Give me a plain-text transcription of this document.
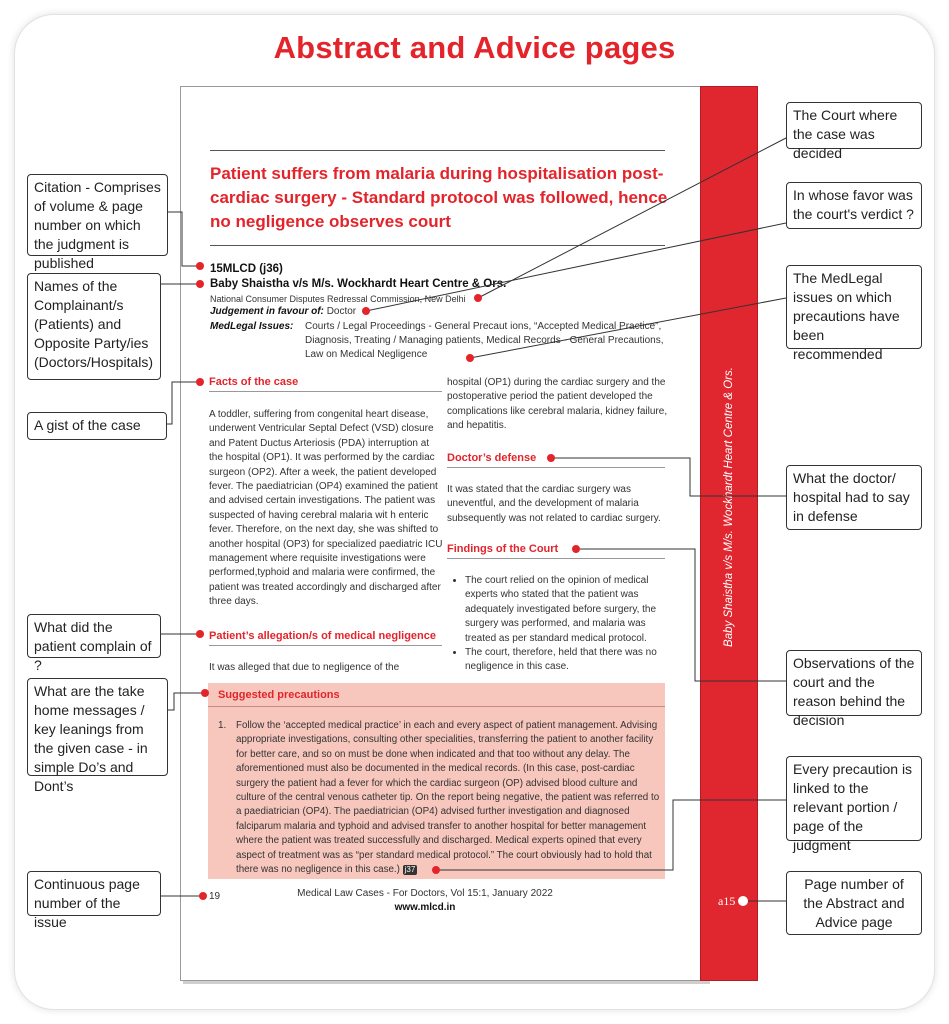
Abstract and Advice pages
Baby Shaistha v/s M/s. Wockhardt Heart Centre & Ors.
Patient suffers from malaria during hospitalisation post-cardiac surgery - Standard protocol was followed, hence no negligence observes court
15MLCD (j36)
Baby Shaistha v/s M/s. Wockhardt Heart Centre & Ors.
National Consumer Disputes Redressal Commission, New Delhi
Judgement in favour of: Doctor
MedLegal Issues: Courts / Legal Proceedings - General Precaut ions, “Accepted Medical Practice”, Diagnosis, Treating / Managing patients, Medical Records - General Precautions, Law on Medical Negligence
Facts of the case
A toddler, suffering from congenital heart disease, underwent Ventricular Septal Defect (VSD) closure and Patent Ductus Arteriosis (PDA) interruption at the hospital (OP1). It was performed by the cardiac surgeon (OP2). After a week, the patient developed fever. The paediatrician (OP4) examined the patient and advised certain investigations. The patient was suspected of having cerebral malaria wit h enteric fever. Therefore, on the next day, she was shifted to another hospital (OP3) for specialized paediatric ICU management where requisite investigations were performed,typhoid and malaria were confirmed, the patient was treated accordingly and discharged after three days.
Patient’s allegation/s of medical negligence
It was alleged that due to negligence of the
hospital (OP1) during the cardiac surgery and the postoperative period the patient developed the complications like cerebral malaria, kidney failure, and hepatitis.
Doctor’s defense
It was stated that the cardiac surgery was uneventful, and the development of malaria subsequently was not related to cardiac surgery.
Findings of the Court
• The court relied on the opinion of medical experts who stated that the patient was adequately investigated before surgery, the surgery was performed, and malaria was treated as per standard medical protocol.
• The court, therefore, held that there was no negligence in this case.
Suggested precautions
1. Follow the ‘accepted medical practice’ in each and every aspect of patient management. Advising appropriate investigations, consulting other specialities, transferring the patient to another facility for better care, and so on must be done when indicated and that too without any delay. The aforementioned must also be documented in the medical records. (In this case, post-cardiac surgery the patient had a fever for which the cardiac surgeon (OP) advised blood culture and culture of the central venous catheter tip. On the report being negative, the patient was referred to a paediatrician (OP4). The paediatrician (OP4) advised further investigation and diagnosed falciparum malaria and typhoid and advised transfer to another hospital for better management where the patient was treated successfully and discharged. Medical experts opined that every aspect of treatment was as “per standard medical protocol.” The court obviously had to hold that there was no negligence in this case.) j37
19	Medical Law Cases - For Doctors, Vol 15:1, January 2022
www.mlcd.in	a15
Citation - Comprises of volume & page number on which the judgment is published
Names of the Complainant/s (Patients) and Opposite Party/ies (Doctors/Hospitals)
A gist of the case
What did the patient complain of ?
What are the take home messages / key leanings from the given case - in simple Do’s and Dont’s
Continuous page number of the issue
The Court where the case was decided
In whose favor was the court's verdict ?
The MedLegal issues on which precautions have been recommended
What the doctor/ hospital had to say in defense
Observations of the court and the reason behind the decision
Every precaution is linked to the relevant portion / page of the judgment
Page number of the Abstract and Advice page
